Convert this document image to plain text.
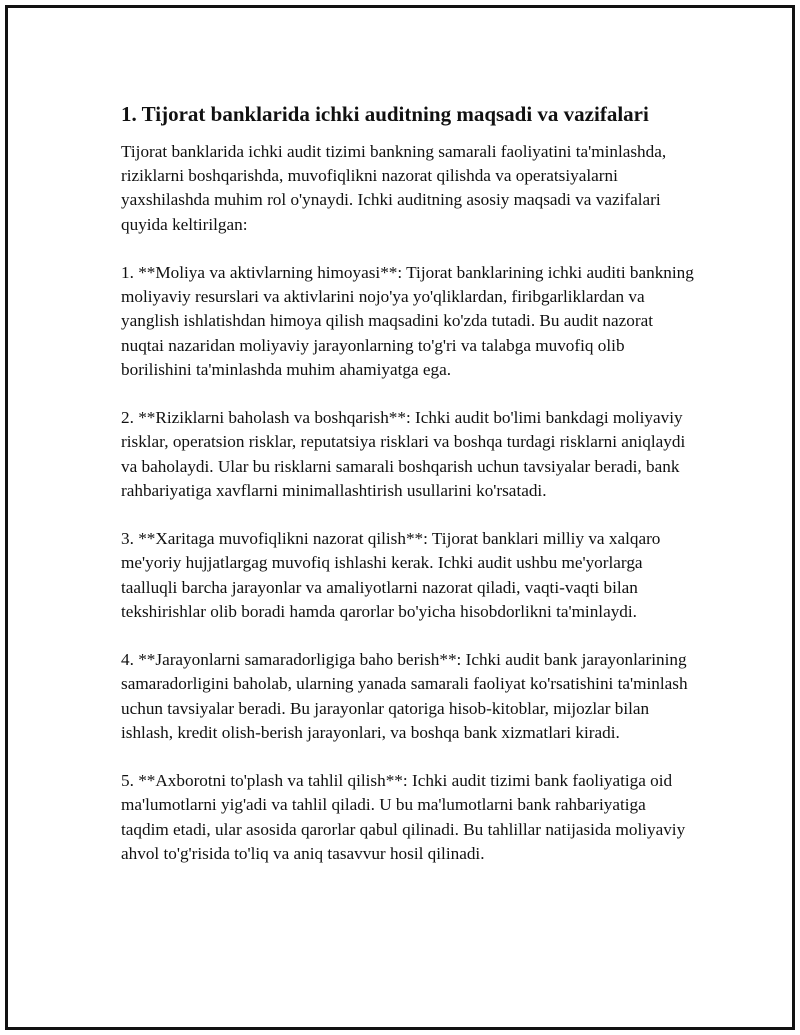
1. Tijorat banklarida ichki auditning maqsadi va vazifalari

Tijorat banklarida ichki audit tizimi bankning samarali faoliyatini ta'minlashda, riziklarni boshqarishda, muvofiqlikni nazorat qilishda va operatsiyalarni yaxshilashda muhim rol o'ynaydi. Ichki auditning asosiy maqsadi va vazifalari quyida keltirilgan:

1. **Moliya va aktivlarning himoyasi**: Tijorat banklarining ichki auditi bankning moliyaviy resurslari va aktivlarini nojo'ya yo'qliklardan, firibgarliklardan va yanglish ishlatishdan himoya qilish maqsadini ko'zda tutadi. Bu audit nazorat nuqtai nazaridan moliyaviy jarayonlarning to'g'ri va talabga muvofiq olib borilishini ta'minlashda muhim ahamiyatga ega.

2. **Riziklarni baholash va boshqarish**: Ichki audit bo'limi bankdagi moliyaviy risklar, operatsion risklar, reputatsiya risklari va boshqa turdagi risklarni aniqlaydi va baholaydi. Ular bu risklarni samarali boshqarish uchun tavsiyalar beradi, bank rahbariyatiga xavflarni minimallashtirish usullarini ko'rsatadi.

3. **Xaritaga muvofiqlikni nazorat qilish**: Tijorat banklari milliy va xalqaro me'yoriy hujjatlargag muvofiq ishlashi kerak. Ichki audit ushbu me'yorlarga taalluqli barcha jarayonlar va amaliyotlarni nazorat qiladi, vaqti-vaqti bilan tekshirishlar olib boradi hamda qarorlar bo'yicha hisobdorlikni ta'minlaydi.

4. **Jarayonlarni samaradorligiga baho berish**: Ichki audit bank jarayonlarining samaradorligini baholab, ularning yanada samarali faoliyat ko'rsatishini ta'minlash uchun tavsiyalar beradi. Bu jarayonlar qatoriga hisob-kitoblar, mijozlar bilan ishlash, kredit olish-berish jarayonlari, va boshqa bank xizmatlari kiradi.

5. **Axborotni to'plash va tahlil qilish**: Ichki audit tizimi bank faoliyatiga oid ma'lumotlarni yig'adi va tahlil qiladi. U bu ma'lumotlarni bank rahbariyatiga taqdim etadi, ular asosida qarorlar qabul qilinadi. Bu tahlillar natijasida moliyaviy ahvol to'g'risida to'liq va aniq tasavvur hosil qilinadi.
